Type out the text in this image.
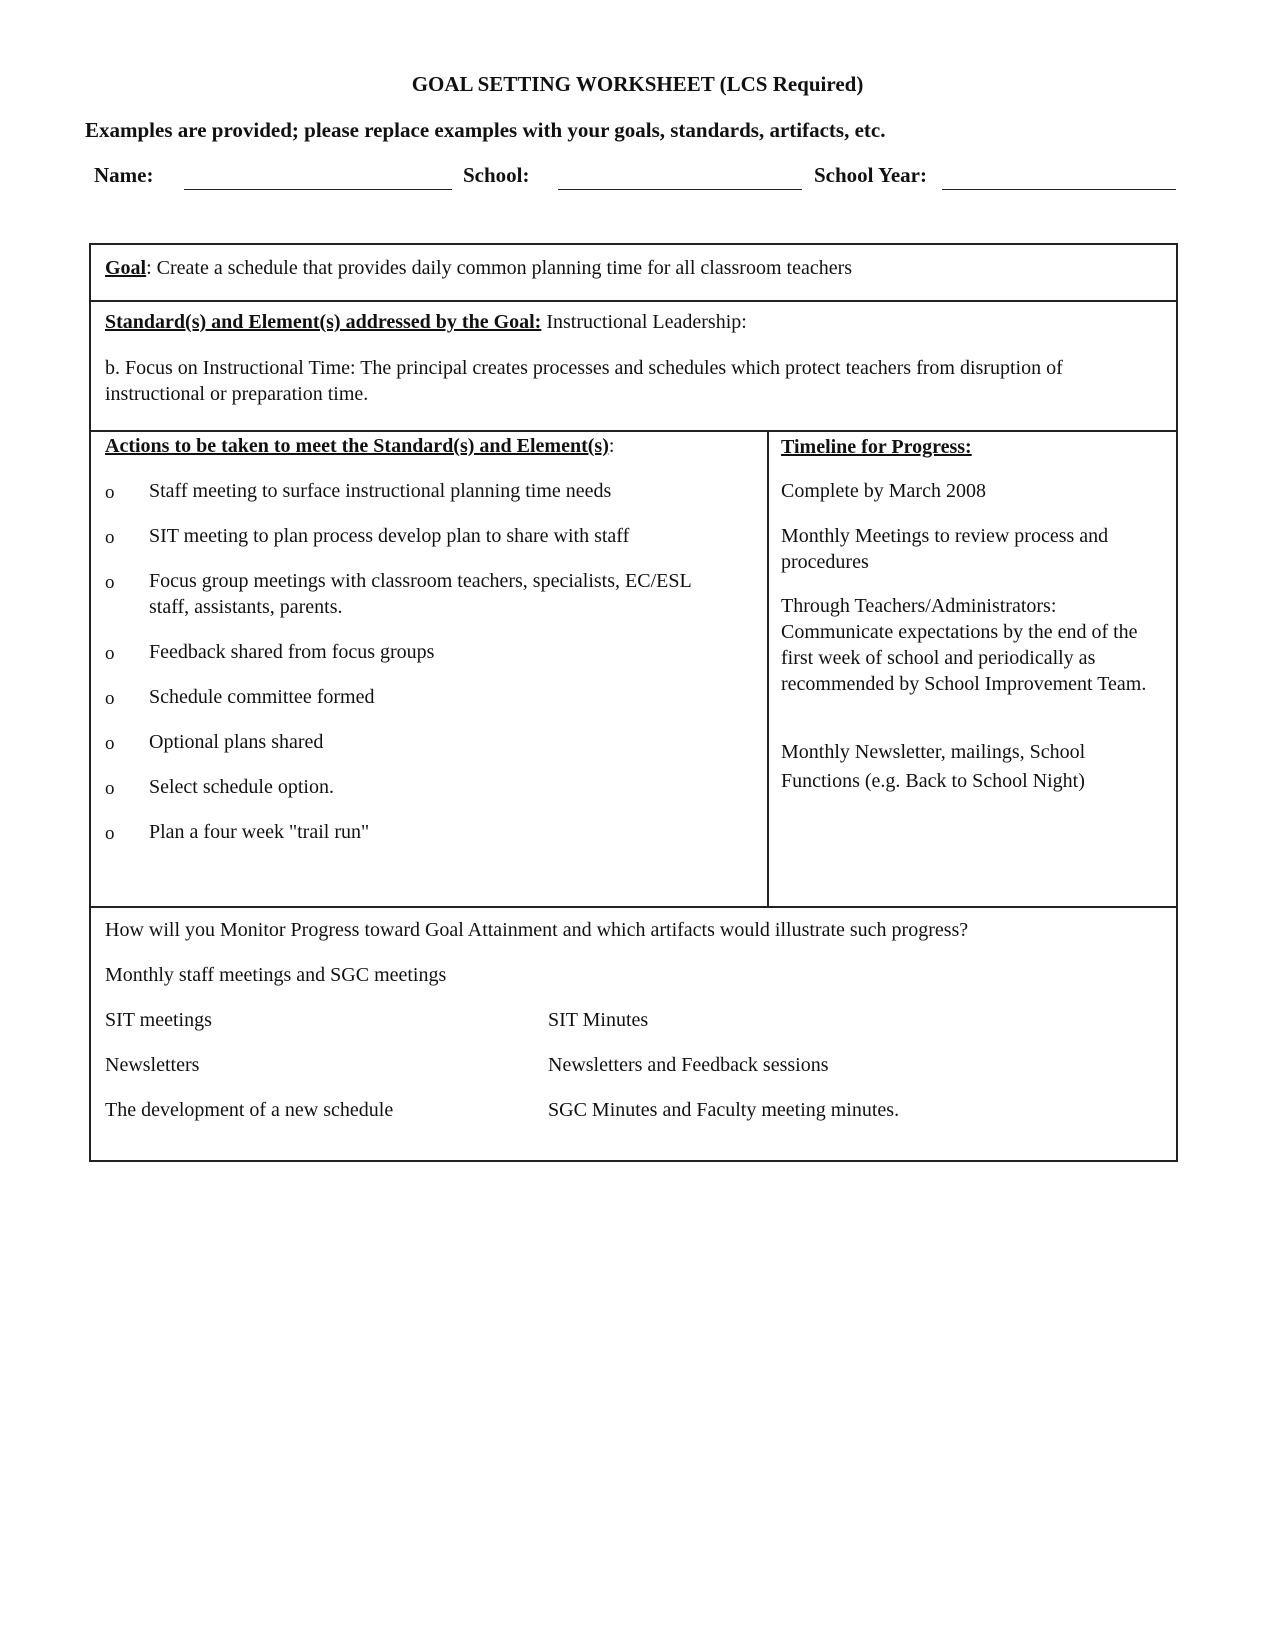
GOAL SETTING WORKSHEET (LCS Required)
Examples are provided; please replace examples with your goals, standards, artifacts, etc.
Name:	School:	School Year:
Goal: Create a schedule that provides daily common planning time for all classroom teachers
Standard(s) and Element(s) addressed by the Goal: Instructional Leadership:
b. Focus on Instructional Time: The principal creates processes and schedules which protect teachers from disruption of instructional or preparation time.
Actions to be taken to meet the Standard(s) and Element(s):
o Staff meeting to surface instructional planning time needs
o SIT meeting to plan process develop plan to share with staff
o Focus group meetings with classroom teachers, specialists, EC/ESL staff, assistants, parents.
o Feedback shared from focus groups
o Schedule committee formed
o Optional plans shared
o Select schedule option.
o Plan a four week "trail run"
Timeline for Progress:
Complete by March 2008
Monthly Meetings to review process and procedures
Through Teachers/Administrators: Communicate expectations by the end of the first week of school and periodically as recommended by School Improvement Team.
Monthly Newsletter, mailings, School Functions (e.g. Back to School Night)
How will you Monitor Progress toward Goal Attainment and which artifacts would illustrate such progress?
Monthly staff meetings and SGC meetings
SIT meetings	SIT Minutes
Newsletters	Newsletters and Feedback sessions
The development of a new schedule	SGC Minutes and Faculty meeting minutes.
